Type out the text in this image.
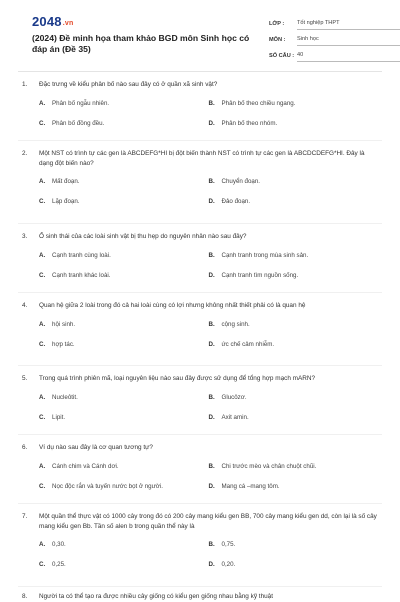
2048.vn
(2024) Đề minh họa tham khảo BGD môn Sinh học có đáp án (Đề 35)
LỚP :	Tốt nghiệp THPT
MÔN :	Sinh học
SỐ CÂU : 40
1. Đặc trưng về kiểu phân bố nào sau đây có ở quần xã sinh vật?
A. Phân bố ngẫu nhiên.	B. Phân bố theo chiều ngang.
C. Phân bố đồng đều.	D. Phân bố theo nhóm.
2. Một NST có trình tự các gen là ABCDEFG*HI bị đột biến thành NST có trình tự các gen là ABCDCDEFG*HI. Đây là dạng đột biến nào?
A. Mất đoạn.	B. Chuyển đoạn.
C. Lặp đoạn.	D. Đảo đoạn.
3. Ổ sinh thái của các loài sinh vật bị thu hẹp do nguyên nhân nào sau đây?
A. Cạnh tranh cùng loài.	B. Cạnh tranh trong mùa sinh sản.
C. Cạnh tranh khác loài.	D. Cạnh tranh tìm nguồn sống.
4. Quan hệ giữa 2 loài trong đó cả hai loài cùng có lợi nhưng không nhất thiết phải có là quan hệ
A. hội sinh.	B. cộng sinh.
C. hợp tác.	D. ức chế cảm nhiễm.
5. Trong quá trình phiên mã, loại nguyên liệu nào sau đây được sử dụng để tổng hợp mạch mARN?
A. Nucleôtit.	B. Glucôzơ.
C. Lipit.	D. Axit amin.
6. Ví dụ nào sau đây là cơ quan tương tự?
A. Cánh chim và Cánh dơi.	B. Chi trước mèo và chân chuột chũi.
C. Nọc độc rắn và tuyến nước bọt ở người.	D. Mang cá –mang tôm.
7. Một quần thể thực vật có 1000 cây trong đó có 200 cây mang kiểu gen BB, 700 cây mang kiểu gen dd, còn lại là số cây mang kiểu gen Bb. Tần số alen b trong quần thể này là
A. 0,30.	B. 0,75.
C. 0,25.	D. 0,20.
8. Người ta có thể tạo ra được nhiều cây giống có kiểu gen giống nhau bằng kỹ thuật
